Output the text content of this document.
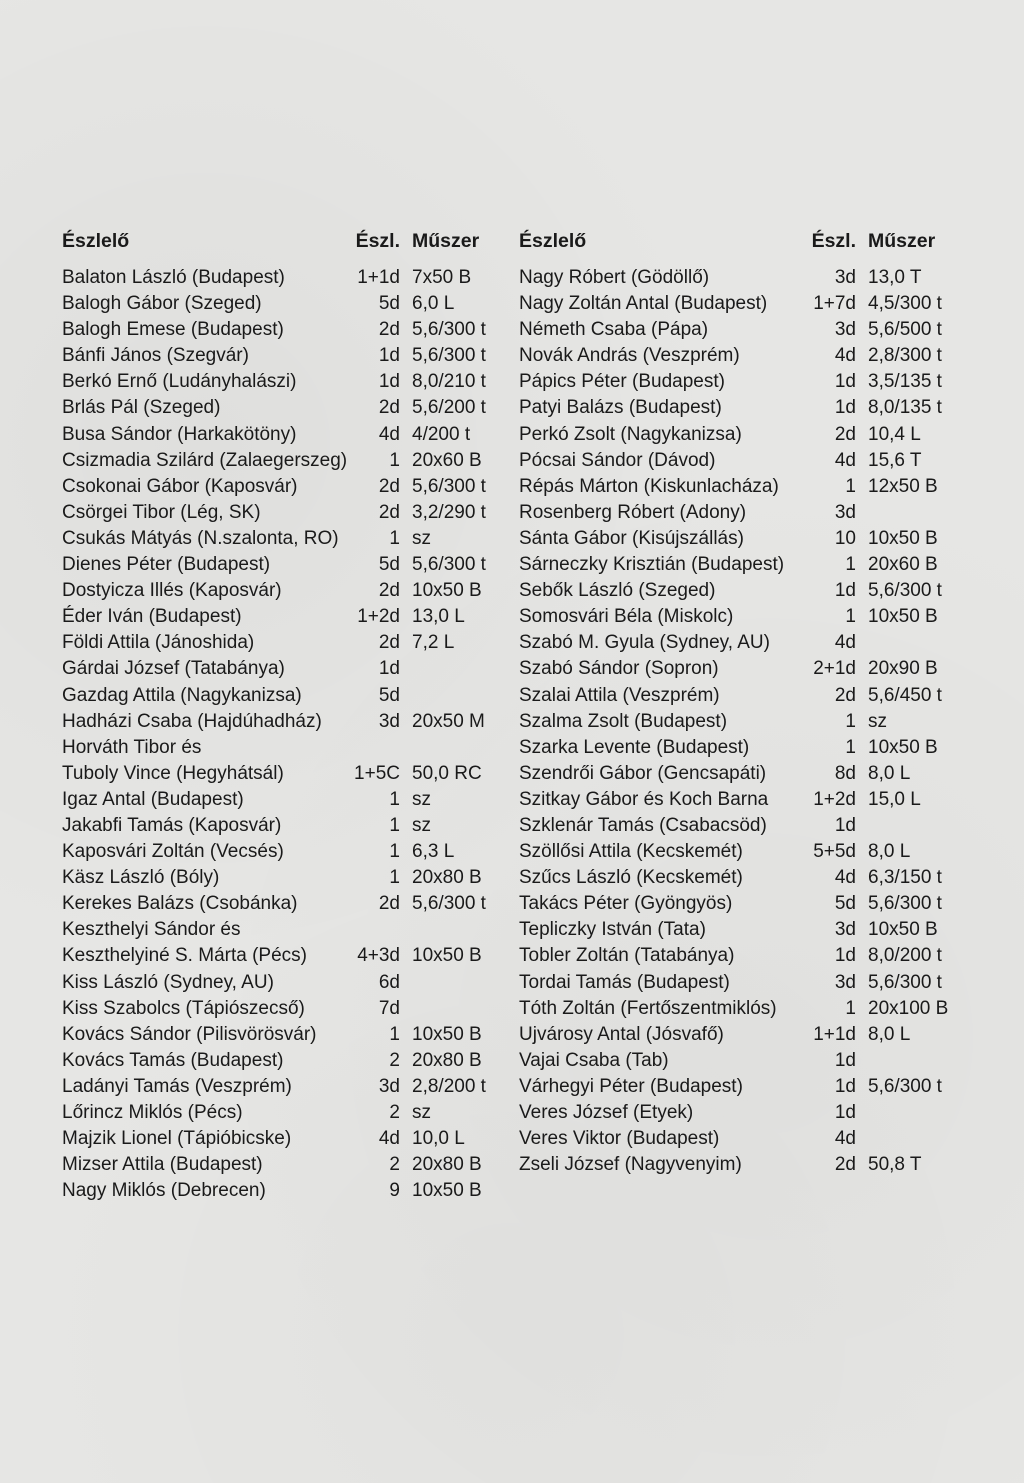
Észlelő	Észl. Műszer
Balaton László (Budapest)	1+1d 7x50 B
Balogh Gábor (Szeged)	5d 6,0 L
Balogh Emese (Budapest)	2d 5,6/300 t
Bánfi János (Szegvár)	1d 5,6/300 t
Berkó Ernő (Ludányhalászi)	1d 8,0/210 t
Brlás Pál (Szeged)	2d 5,6/200 t
Busa Sándor (Harkakötöny)	4d 4/200 t
Csizmadia Szilárd (Zalaegerszeg) 1 20x60 B
Csokonai Gábor (Kaposvár)	2d 5,6/300 t
Csörgei Tibor (Lég, SK)	2d 3,2/290 t
Csukás Mátyás (N.szalonta, RO)	1 sz
Dienes Péter (Budapest)	5d 5,6/300 t
Dostyicza Illés (Kaposvár)	2d 10x50 B
Éder Iván (Budapest)	1+2d 13,0 L
Földi Attila (Jánoshida)	2d 7,2 L
Gárdai József (Tatabánya)	1d
Gazdag Attila (Nagykanizsa)	5d
Hadházi Csaba (Hajdúhadház)	3d 20x50 M
Horváth Tibor és
Tuboly Vince (Hegyhátsál)	1+5C 50,0 RC
Igaz Antal (Budapest)	1 sz
Jakabfi Tamás (Kaposvár)	1 sz
Kaposvári Zoltán (Vecsés)	1 6,3 L
Käsz László (Bóly)	1 20x80 B
Kerekes Balázs (Csobánka)	2d 5,6/300 t
Keszthelyi Sándor és
Keszthelyiné S. Márta (Pécs)	4+3d 10x50 B
Kiss László (Sydney, AU)	6d
Kiss Szabolcs (Tápiószecső)	7d
Kovács Sándor (Pilisvörösvár)	1 10x50 B
Kovács Tamás (Budapest)	2 20x80 B
Ladányi Tamás (Veszprém)	3d 2,8/200 t
Lőrincz Miklós (Pécs)	2 sz
Majzik Lionel (Tápióbicske)	4d 10,0 L
Mizser Attila (Budapest)	2 20x80 B
Nagy Miklós (Debrecen)	9 10x50 B
Észlelő	Észl. Műszer
Nagy Róbert (Gödöllő)	3d 13,0 T
Nagy Zoltán Antal (Budapest) 1+7d 4,5/300 t
Németh Csaba (Pápa)	3d 5,6/500 t
Novák András (Veszprém)	4d 2,8/300 t
Pápics Péter (Budapest)	1d 3,5/135 t
Patyi Balázs (Budapest)	1d 8,0/135 t
Perkó Zsolt (Nagykanizsa)	2d 10,4 L
Pócsai Sándor (Dávod)	4d 15,6 T
Répás Márton (Kiskunlacháza)	1 12x50 B
Rosenberg Róbert (Adony)	3d
Sánta Gábor (Kisújszállás)	10 10x50 B
Sárneczky Krisztián (Budapest)	1 20x60 B
Sebők László (Szeged)	1d 5,6/300 t
Somosvári Béla (Miskolc)	1 10x50 B
Szabó M. Gyula (Sydney, AU)	4d
Szabó Sándor (Sopron)	2+1d 20x90 B
Szalai Attila (Veszprém)	2d 5,6/450 t
Szalma Zsolt (Budapest)	1 sz
Szarka Levente (Budapest)	1 10x50 B
Szendrői Gábor (Gencsapáti)	8d 8,0 L
Szitkay Gábor és Koch Barna 1+2d 15,0 L
Szklenár Tamás (Csabacsöd)	1d
Szöllősi Attila (Kecskemét)	5+5d 8,0 L
Szűcs László (Kecskemét)	4d 6,3/150 t
Takács Péter (Gyöngyös)	5d 5,6/300 t
Tepliczky István (Tata)	3d 10x50 B
Tobler Zoltán (Tatabánya)	1d 8,0/200 t
Tordai Tamás (Budapest)	3d 5,6/300 t
Tóth Zoltán (Fertőszentmiklós)	1 20x100 B
Ujvárosy Antal (Jósvafő)	1+1d 8,0 L
Vajai Csaba (Tab)	1d
Várhegyi Péter (Budapest)	1d 5,6/300 t
Veres József (Etyek)	1d
Veres Viktor (Budapest)	4d
Zseli József (Nagyvenyim)	2d 50,8 T
